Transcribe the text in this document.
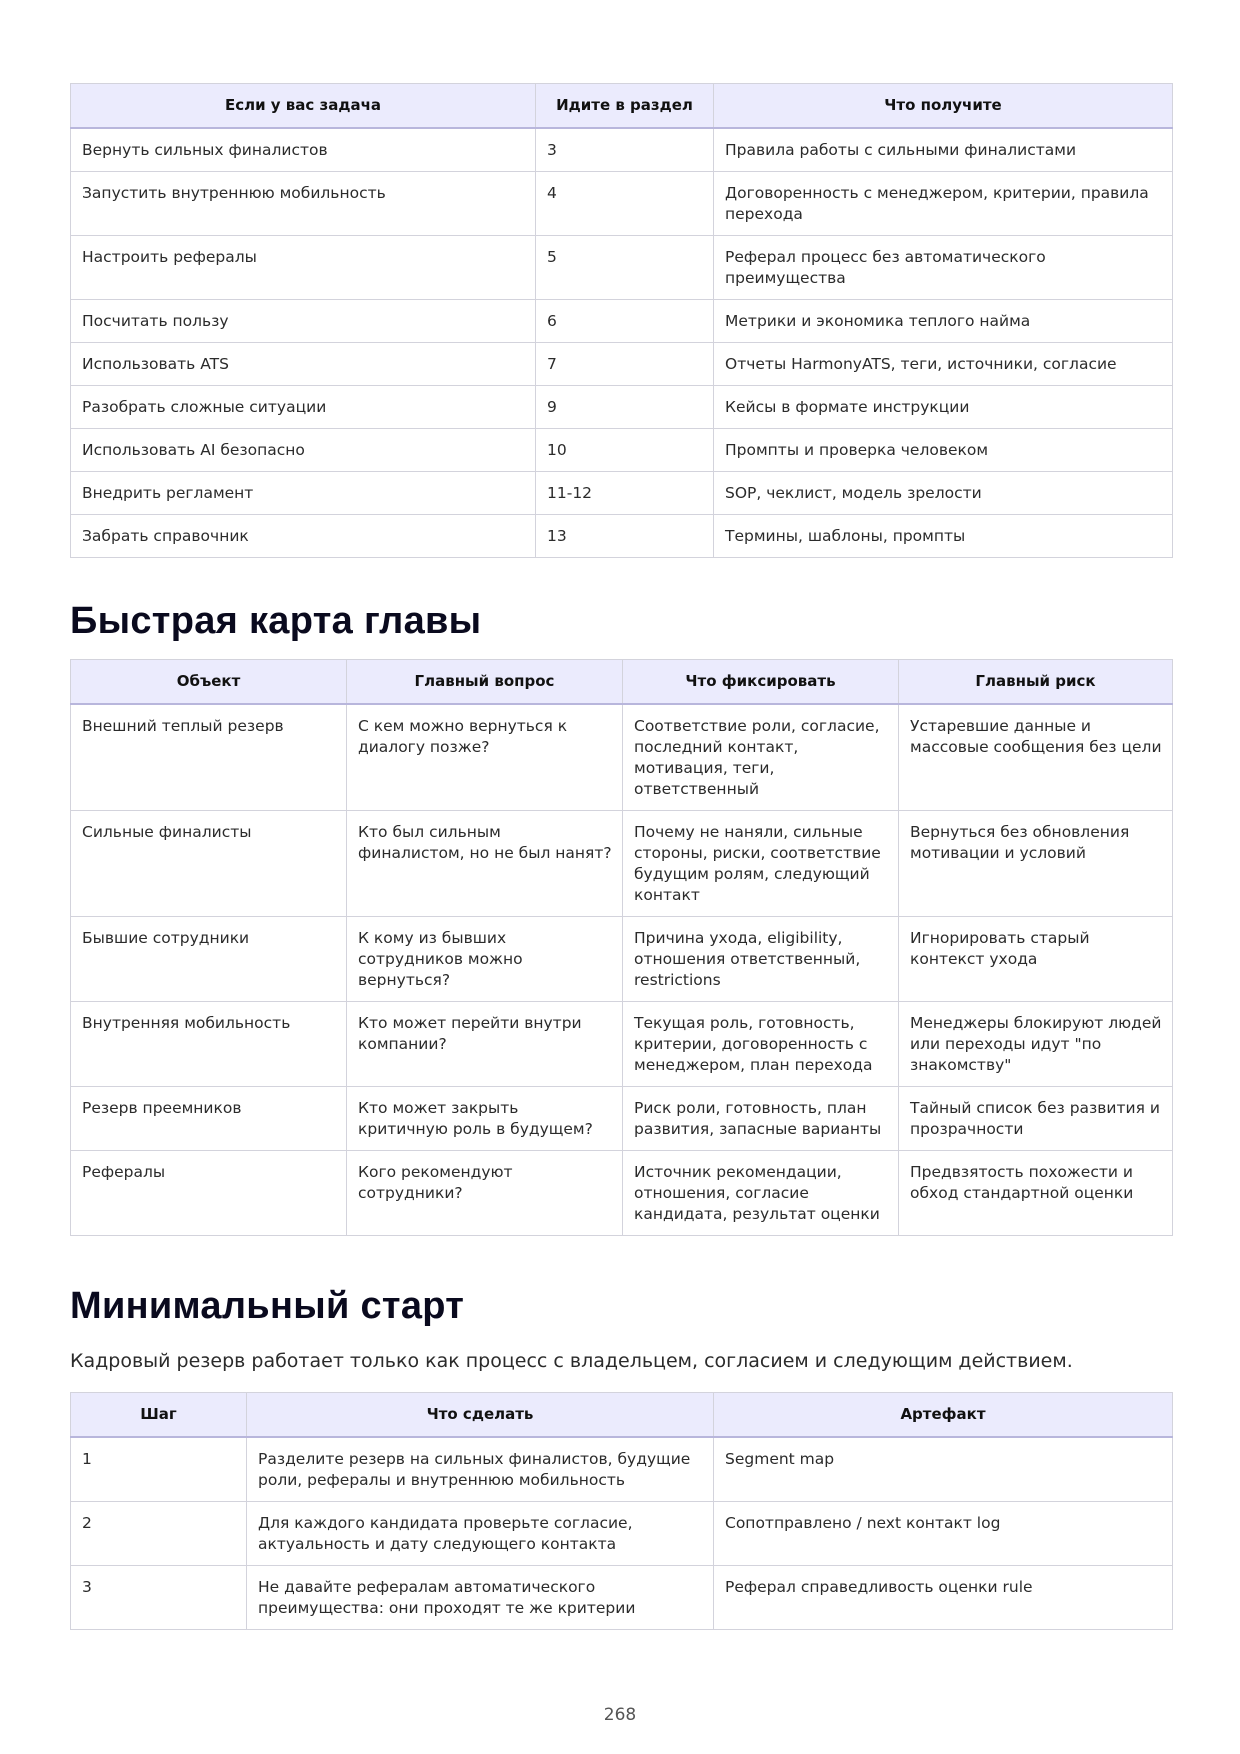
Если у вас задача	Идите в раздел	Что получите
Вернуть сильных финалистов	3	Правила работы с сильными финалистами
Запустить внутреннюю мобильность	4	Договоренность с менеджером, критерии, правила перехода
Настроить рефералы	5	Реферал процесс без автоматического преимущества
Посчитать пользу	6	Метрики и экономика теплого найма
Использовать ATS	7	Отчеты HarmonyATS, теги, источники, согласие
Разобрать сложные ситуации	9	Кейсы в формате инструкции
Использовать AI безопасно	10	Промпты и проверка человеком
Внедрить регламент	11-12	SOP, чеклист, модель зрелости
Забрать справочник	13	Термины, шаблоны, промпты
Быстрая карта главы
Объект	Главный вопрос	Что фиксировать	Главный риск
Внешний теплый резерв	С кем можно вернуться к диалогу позже?	Соответствие роли, согласие, последний контакт, мотивация, теги, ответственный	Устаревшие данные и массовые сообщения без цели
Сильные финалисты	Кто был сильным финалистом, но не был нанят?	Почему не наняли, сильные стороны, риски, соответствие будущим ролям, следующий контакт	Вернуться без обновления мотивации и условий
Бывшие сотрудники	К кому из бывших сотрудников можно вернуться?	Причина ухода, eligibility, отношения ответственный, restrictions	Игнорировать старый контекст ухода
Внутренняя мобильность	Кто может перейти внутри компании?	Текущая роль, готовность, критерии, договоренность с менеджером, план перехода	Менеджеры блокируют людей или переходы идут "по знакомству"
Резерв преемников	Кто может закрыть критичную роль в будущем?	Риск роли, готовность, план развития, запасные варианты	Тайный список без развития и прозрачности
Рефералы	Кого рекомендуют сотрудники?	Источник рекомендации, отношения, согласие кандидата, результат оценки	Предвзятость похожести и обход стандартной оценки
Минимальный старт

Кадровый резерв работает только как процесс с владельцем, согласием и следующим действием.

Шаг	Что сделать	Артефакт
1	Разделите резерв на сильных финалистов, будущие роли, рефералы и внутреннюю мобильность	Segment map
2	Для каждого кандидата проверьте согласие, актуальность и дату следующего контакта	Сопотправлено / next контакт log
3	Не давайте рефералам автоматического преимущества: они проходят те же критерии	Реферал справедливость оценки rule
268
